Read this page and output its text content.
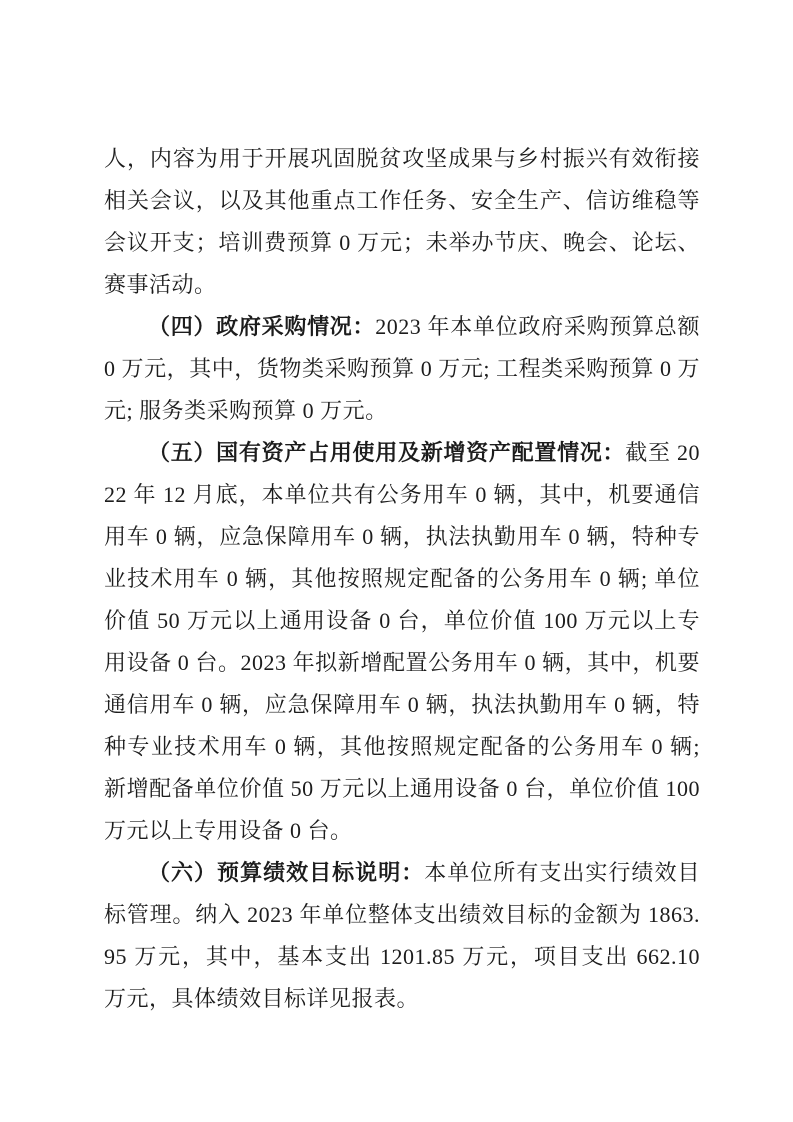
人，内容为用于开展巩固脱贫攻坚成果与乡村振兴有效衔接相关会议，以及其他重点工作任务、安全生产、信访维稳等会议开支；培训费预算 0 万元；未举办节庆、晚会、论坛、赛事活动。

（四）政府采购情况：2023 年本单位政府采购预算总额 0 万元，其中，货物类采购预算 0 万元; 工程类采购预算 0 万元; 服务类采购预算 0 万元。

（五）国有资产占用使用及新增资产配置情况：截至 2022 年 12 月底，本单位共有公务用车 0 辆，其中，机要通信用车 0 辆，应急保障用车 0 辆，执法执勤用车 0 辆，特种专业技术用车 0 辆，其他按照规定配备的公务用车 0 辆; 单位价值 50 万元以上通用设备 0 台，单位价值 100 万元以上专用设备 0 台。2023 年拟新增配置公务用车 0 辆，其中，机要通信用车 0 辆，应急保障用车 0 辆，执法执勤用车 0 辆，特种专业技术用车 0 辆，其他按照规定配备的公务用车 0 辆; 新增配备单位价值 50 万元以上通用设备 0 台，单位价值 100 万元以上专用设备 0 台。

（六）预算绩效目标说明：本单位所有支出实行绩效目标管理。纳入 2023 年单位整体支出绩效目标的金额为 1863.95 万元，其中，基本支出 1201.85 万元，项目支出 662.10 万元，具体绩效目标详见报表。
